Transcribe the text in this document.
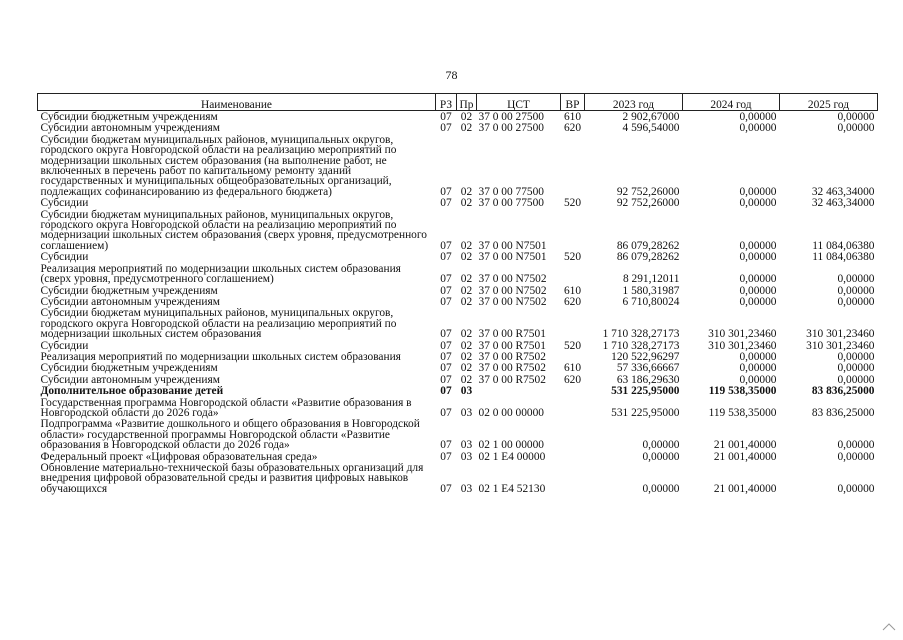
78
Наименование	РЗ	Пр	ЦСТ	ВР	2023 год	2024 год	2025 год
Субсидии бюджетным учреждениям	07	02	37 0 00 27500	610	2 902,67000	0,00000	0,00000
Субсидии автономным учреждениям	07	02	37 0 00 27500	620	4 596,54000	0,00000	0,00000
Субсидии бюджетам муниципальных районов, муниципальных округов, городского округа Новгородской области на реализацию мероприятий по модернизации школьных систем образования (на выполнение работ, не включенных в перечень работ по капитальному ремонту зданий государственных и муниципальных общеобразовательных организаций, подлежащих софинансированию из федерального бюджета)	07	02	37 0 00 77500		92 752,26000	0,00000	32 463,34000
Субсидии	07	02	37 0 00 77500	520	92 752,26000	0,00000	32 463,34000
Субсидии бюджетам муниципальных районов, муниципальных округов, городского округа Новгородской области на реализацию мероприятий по модернизации школьных систем образования (сверх уровня, предусмотренного соглашением)	07	02	37 0 00 N7501		86 079,28262	0,00000	11 084,06380
Субсидии	07	02	37 0 00 N7501	520	86 079,28262	0,00000	11 084,06380
Реализация мероприятий по модернизации школьных систем образования (сверх уровня, предусмотренного соглашением)	07	02	37 0 00 N7502		8 291,12011	0,00000	0,00000
Субсидии бюджетным учреждениям	07	02	37 0 00 N7502	610	1 580,31987	0,00000	0,00000
Субсидии автономным учреждениям	07	02	37 0 00 N7502	620	6 710,80024	0,00000	0,00000
Субсидии бюджетам муниципальных районов, муниципальных округов, городского округа Новгородской области на реализацию мероприятий по модернизации школьных систем образования	07	02	37 0 00 R7501		1 710 328,27173	310 301,23460	310 301,23460
Субсидии	07	02	37 0 00 R7501	520	1 710 328,27173	310 301,23460	310 301,23460
Реализация мероприятий по модернизации школьных систем образования	07	02	37 0 00 R7502		120 522,96297	0,00000	0,00000
Субсидии бюджетным учреждениям	07	02	37 0 00 R7502	610	57 336,66667	0,00000	0,00000
Субсидии автономным учреждениям	07	02	37 0 00 R7502	620	63 186,29630	0,00000	0,00000
Дополнительное образование детей	07	03			531 225,95000	119 538,35000	83 836,25000
Государственная программа Новгородской области «Развитие образования в Новгородской области до 2026 года»	07	03	02 0 00 00000		531 225,95000	119 538,35000	83 836,25000
Подпрограмма «Развитие дошкольного и общего образования в Новгородской области» государственной программы Новгородской области «Развитие образования в Новгородской области до 2026 года»	07	03	02 1 00 00000		0,00000	21 001,40000	0,00000
Федеральный проект «Цифровая образовательная среда»	07	03	02 1 E4 00000		0,00000	21 001,40000	0,00000
Обновление материально-технической базы образовательных организаций для внедрения цифровой образовательной среды и развития цифровых навыков обучающихся	07	03	02 1 E4 52130		0,00000	21 001,40000	0,00000
